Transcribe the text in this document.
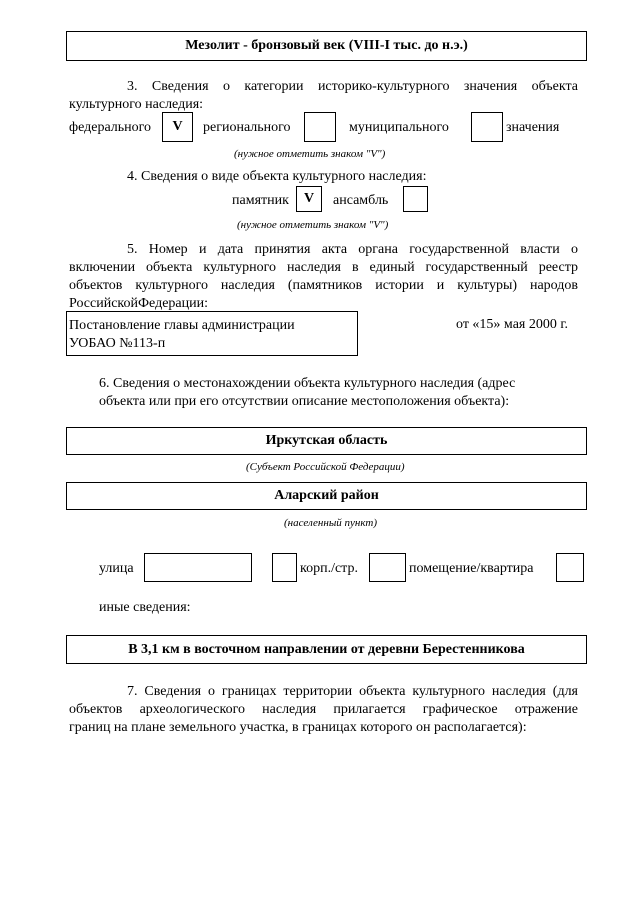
Мезолит - бронзовый век (VIII-I тыс. до н.э.)
3. Сведения о категории историко-культурного значения объекта
культурного наследия:
федерального	V	регионального	муниципального	значения
(нужное отметить знаком "V")
4. Сведения о виде объекта культурного наследия:
памятник	V	ансамбль
(нужное отметить знаком "V")
5. Номер и дата принятия акта органа государственной власти о
включении объекта культурного наследия в единый государственный реестр
объектов культурного наследия (памятников истории и культуры) народов
РоссийскойФедерации:
Постановление главы администрации
УОБАО №113-п
от «15» мая 2000 г.
6. Сведения о местонахождении объекта культурного наследия (адрес
объекта или при его отсутствии описание местоположения объекта):
Иркутская область
(Субъект Российской Федерации)
Аларский район
(населенный пункт)
улица	корп./стр.	помещение/квартира
иные сведения:
В 3,1 км в восточном направлении от деревни Берестенникова
7. Сведения о границах территории объекта культурного наследия (для
объектов археологического наследия прилагается графическое отражение
границ на плане земельного участка, в границах которого он располагается):
